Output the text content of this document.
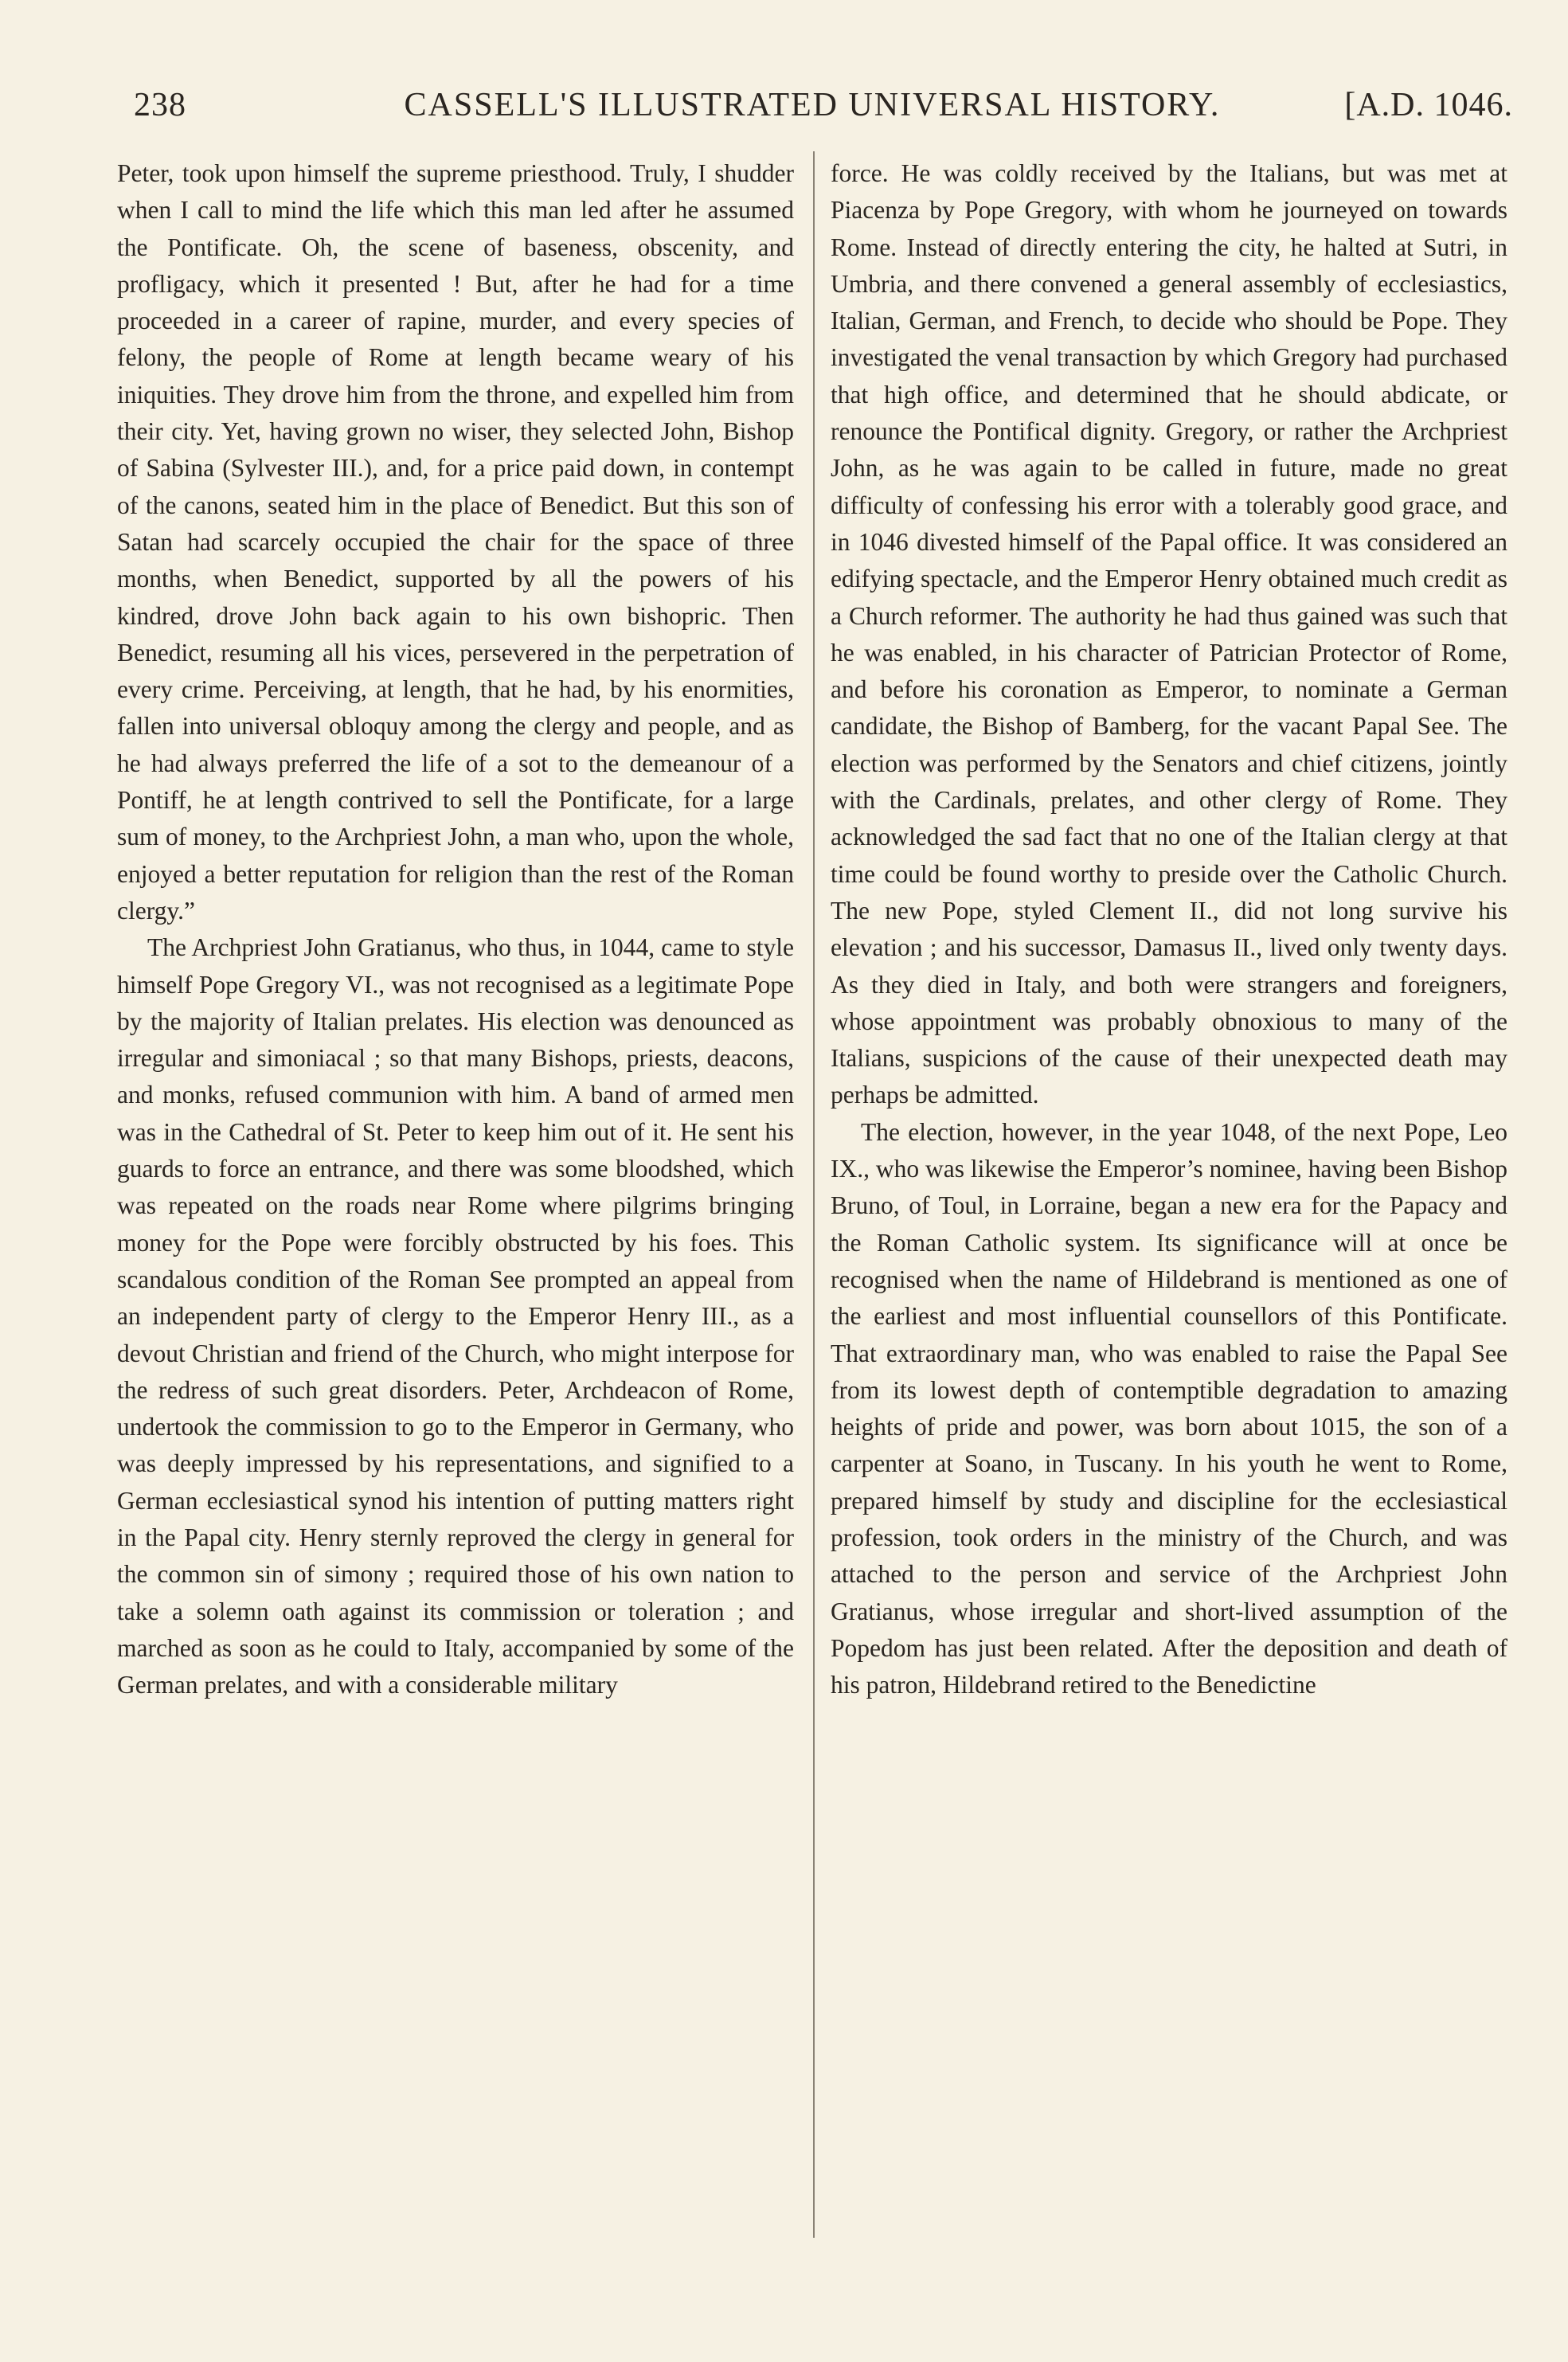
238	CASSELL'S ILLUSTRATED UNIVERSAL HISTORY.	[A.D. 1046.

Peter, took upon himself the supreme priesthood. Truly, I shudder when I call to mind the life which this man led after he assumed the Pontificate. Oh, the scene of baseness, obscenity, and profligacy, which it presented ! But, after he had for a time proceeded in a career of rapine, murder, and every species of felony, the people of Rome at length became weary of his iniquities. They drove him from the throne, and expelled him from their city. Yet, having grown no wiser, they selected John, Bishop of Sabina (Sylvester III.), and, for a price paid down, in contempt of the canons, seated him in the place of Benedict. But this son of Satan had scarcely occupied the chair for the space of three months, when Benedict, supported by all the powers of his kindred, drove John back again to his own bishopric. Then Benedict, resuming all his vices, persevered in the perpetration of every crime. Perceiving, at length, that he had, by his enormities, fallen into universal obloquy among the clergy and people, and as he had always preferred the life of a sot to the demeanour of a Pontiff, he at length contrived to sell the Pontificate, for a large sum of money, to the Archpriest John, a man who, upon the whole, enjoyed a better reputation for religion than the rest of the Roman clergy.”

The Archpriest John Gratianus, who thus, in 1044, came to style himself Pope Gregory VI., was not recognised as a legitimate Pope by the majority of Italian prelates. His election was denounced as irregular and simoniacal ; so that many Bishops, priests, deacons, and monks, refused communion with him. A band of armed men was in the Cathedral of St. Peter to keep him out of it. He sent his guards to force an entrance, and there was some bloodshed, which was repeated on the roads near Rome where pilgrims bringing money for the Pope were forcibly obstructed by his foes. This scandalous condition of the Roman See prompted an appeal from an independent party of clergy to the Emperor Henry III., as a devout Christian and friend of the Church, who might interpose for the redress of such great disorders. Peter, Archdeacon of Rome, undertook the commission to go to the Emperor in Germany, who was deeply impressed by his representations, and signified to a German ecclesiastical synod his intention of putting matters right in the Papal city. Henry sternly reproved the clergy in general for the common sin of simony ; required those of his own nation to take a solemn oath against its commission or toleration ; and marched as soon as he could to Italy, accompanied by some of the German prelates, and with a considerable military

force. He was coldly received by the Italians, but was met at Piacenza by Pope Gregory, with whom he journeyed on towards Rome. Instead of directly entering the city, he halted at Sutri, in Umbria, and there convened a general assembly of ecclesiastics, Italian, German, and French, to decide who should be Pope. They investigated the venal transaction by which Gregory had purchased that high office, and determined that he should abdicate, or renounce the Pontifical dignity. Gregory, or rather the Archpriest John, as he was again to be called in future, made no great difficulty of confessing his error with a tolerably good grace, and in 1046 divested himself of the Papal office. It was considered an edifying spectacle, and the Emperor Henry obtained much credit as a Church reformer. The authority he had thus gained was such that he was enabled, in his character of Patrician Protector of Rome, and before his coronation as Emperor, to nominate a German candidate, the Bishop of Bamberg, for the vacant Papal See. The election was performed by the Senators and chief citizens, jointly with the Cardinals, prelates, and other clergy of Rome. They acknowledged the sad fact that no one of the Italian clergy at that time could be found worthy to preside over the Catholic Church. The new Pope, styled Clement II., did not long survive his elevation ; and his successor, Damasus II., lived only twenty days. As they died in Italy, and both were strangers and foreigners, whose appointment was probably obnoxious to many of the Italians, suspicions of the cause of their unexpected death may perhaps be admitted.

The election, however, in the year 1048, of the next Pope, Leo IX., who was likewise the Emperor’s nominee, having been Bishop Bruno, of Toul, in Lorraine, began a new era for the Papacy and the Roman Catholic system. Its significance will at once be recognised when the name of Hildebrand is mentioned as one of the earliest and most influential counsellors of this Pontificate. That extraordinary man, who was enabled to raise the Papal See from its lowest depth of contemptible degradation to amazing heights of pride and power, was born about 1015, the son of a carpenter at Soano, in Tuscany. In his youth he went to Rome, prepared himself by study and discipline for the ecclesiastical profession, took orders in the ministry of the Church, and was attached to the person and service of the Archpriest John Gratianus, whose irregular and short-lived assumption of the Popedom has just been related. After the deposition and death of his patron, Hildebrand retired to the Benedictine
